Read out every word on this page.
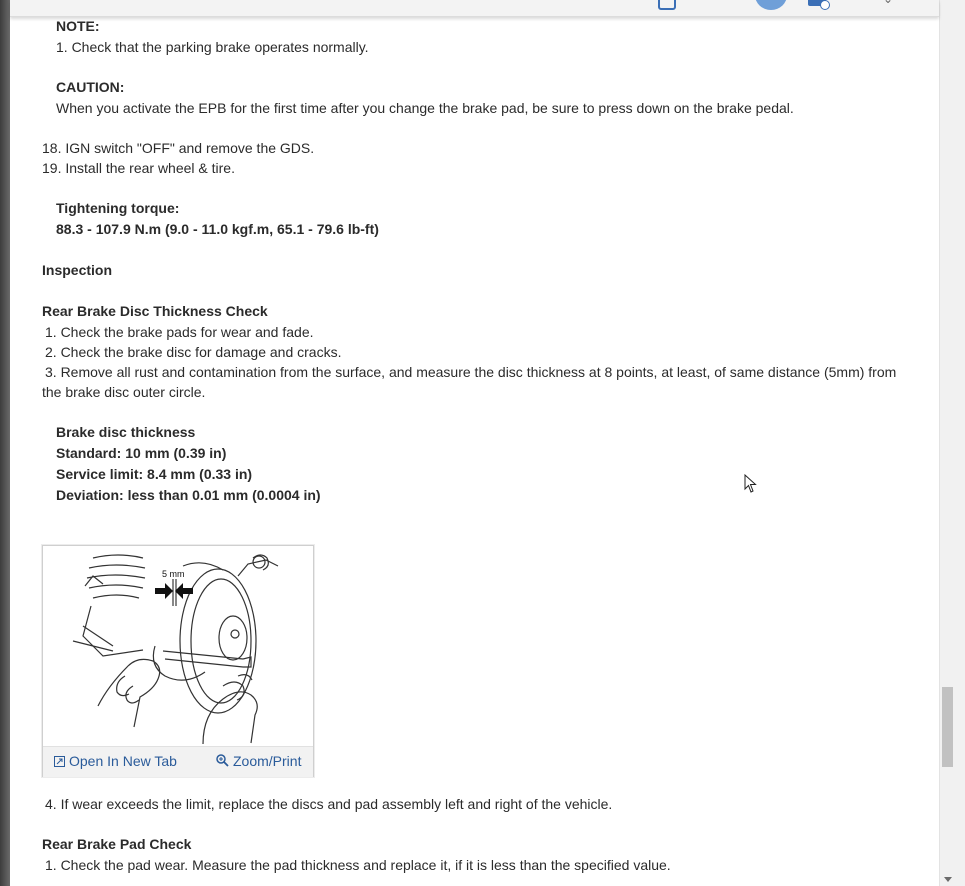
NOTE:
1. Check that the parking brake operates normally.
CAUTION:
When you activate the EPB for the first time after you change the brake pad, be sure to press down on the brake pedal.
18. IGN switch "OFF" and remove the GDS.
19. Install the rear wheel & tire.
Tightening torque:
88.3 - 107.9 N.m (9.0 - 11.0 kgf.m, 65.1 - 79.6 lb-ft)
Inspection
Rear Brake Disc Thickness Check
1. Check the brake pads for wear and fade.
2. Check the brake disc for damage and cracks.
3. Remove all rust and contamination from the surface, and measure the disc thickness at 8 points, at least, of same distance (5mm) from
the brake disc outer circle.
Brake disc thickness
Standard: 10 mm (0.39 in)
Service limit: 8.4 mm (0.33 in)
Deviation: less than 0.01 mm (0.0004 in)
5 mm
Open In New Tab	Zoom/Print
4. If wear exceeds the limit, replace the discs and pad assembly left and right of the vehicle.
Rear Brake Pad Check
1. Check the pad wear. Measure the pad thickness and replace it, if it is less than the specified value.
